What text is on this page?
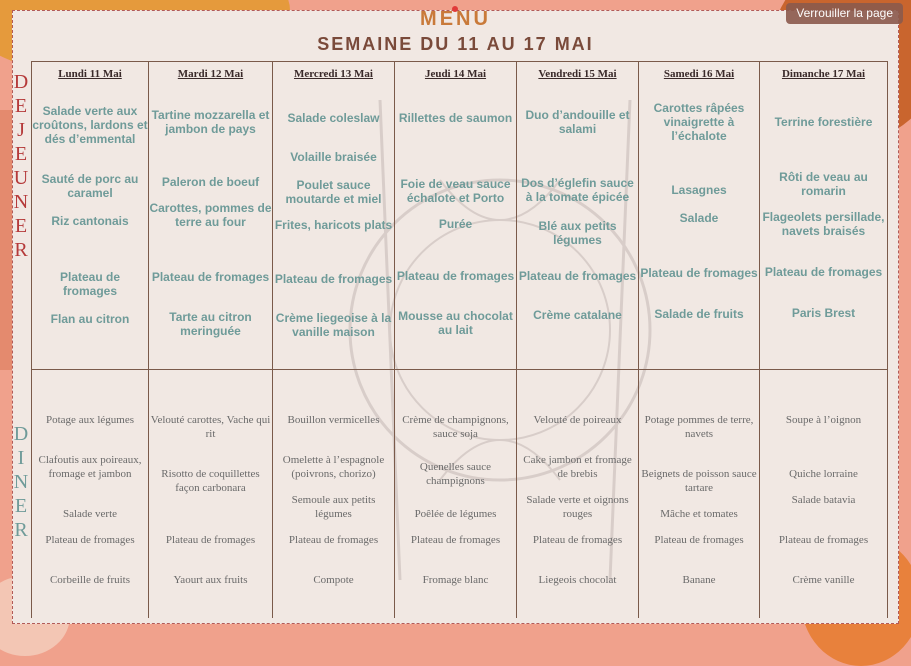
MENU
SEMAINE DU 11 AU 17 MAI
Verrouiller la page
D
E
J
E
U
N
E
R
D
I
N
E
R
Lundi 11 Mai
Salade verte aux croûtons, lardons et dés d’emmental
Sauté de porc au caramel
Riz cantonais
Plateau de fromages
Flan au citron
Potage aux légumes
Clafoutis aux poireaux, fromage et jambon
Salade verte
Plateau de fromages
Corbeille de fruits
Mardi 12 Mai
Tartine mozzarella et jambon de pays
Paleron de boeuf
Carottes, pommes de terre au four
Plateau de fromages
Tarte au citron meringuée
Velouté carottes, Vache qui rit
Risotto de coquillettes façon carbonara
Plateau de fromages
Yaourt aux fruits
Mercredi 13 Mai
Salade coleslaw
Volaille braisée
Poulet sauce moutarde et miel
Frites, haricots plats
Plateau de fromages
Crème liegeoise à la vanille maison
Bouillon vermicelles
Omelette à l’espagnole (poivrons, chorizo)
Semoule aux petits légumes
Plateau de fromages
Compote
Jeudi 14 Mai
Rillettes de saumon
Foie de veau sauce échalote et Porto
Purée
Plateau de fromages
Mousse au chocolat au lait
Crème de champignons, sauce soja
Quenelles sauce champignons
Poêlée de légumes
Plateau de fromages
Fromage blanc
Vendredi 15 Mai
Duo d’andouille et salami
Dos d’églefin sauce à la tomate épicée
Blé aux petits légumes
Plateau de fromages
Crème catalane
Velouté de poireaux
Cake jambon et fromage de brebis
Salade verte et oignons rouges
Plateau de fromages
Liegeois chocolat
Samedi 16 Mai
Carottes râpées vinaigrette à l’échalote
Lasagnes
Salade
Plateau de fromages
Salade de fruits
Potage pommes de terre, navets
Beignets de poisson sauce tartare
Mâche et tomates
Plateau de fromages
Banane
Dimanche 17 Mai
Terrine forestière
Rôti de veau au romarin
Flageolets persillade, navets braisés
Plateau de fromages
Paris Brest
Soupe à l’oignon
Quiche lorraine
Salade batavia
Plateau de fromages
Crème vanille
